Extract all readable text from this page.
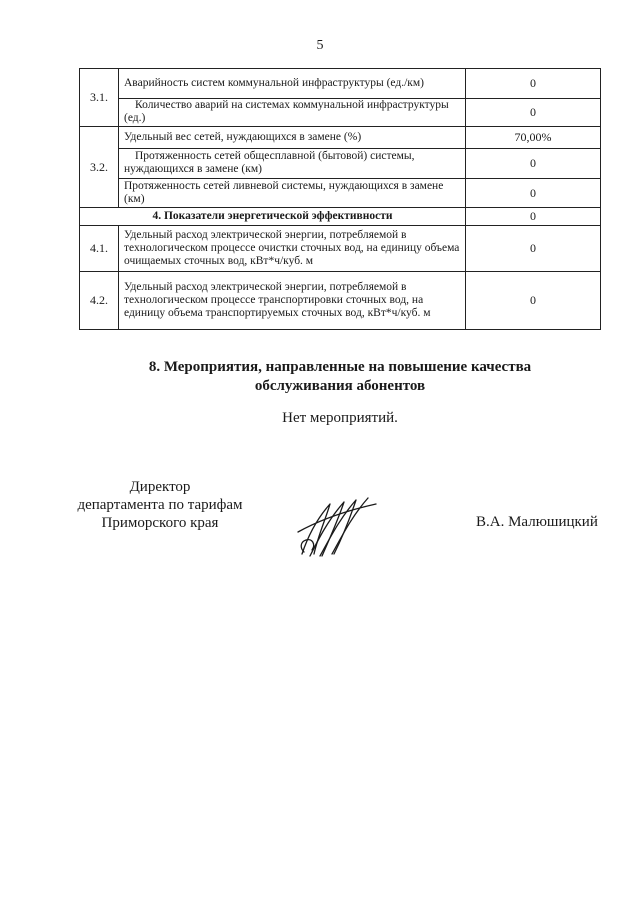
5
3.1.	Аварийность систем коммунальной инфраструктуры (ед./км)	0
	Количество аварий на системах коммунальной инфраструктуры (ед.)	0
3.2.	Удельный вес сетей, нуждающихся в замене (%)	70,00%
	Протяженность сетей общесплавной (бытовой) системы, нуждающихся в замене (км)	0
	Протяженность сетей ливневой системы, нуждающихся в замене (км)	0
4. Показатели энергетической эффективности		0
4.1.	Удельный расход электрической энергии, потребляемой в технологическом процессе очистки сточных вод, на единицу объема очищаемых сточных вод, кВт*ч/куб. м	0
4.2.	Удельный расход электрической энергии, потребляемой в технологическом процессе транспортировки сточных вод, на единицу объема транспортируемых сточных вод, кВт*ч/куб. м	0
8. Мероприятия, направленные на повышение качества
обслуживания абонентов
Нет мероприятий.
Директор
департамента по тарифам
Приморского края	В.А. Малюшицкий
